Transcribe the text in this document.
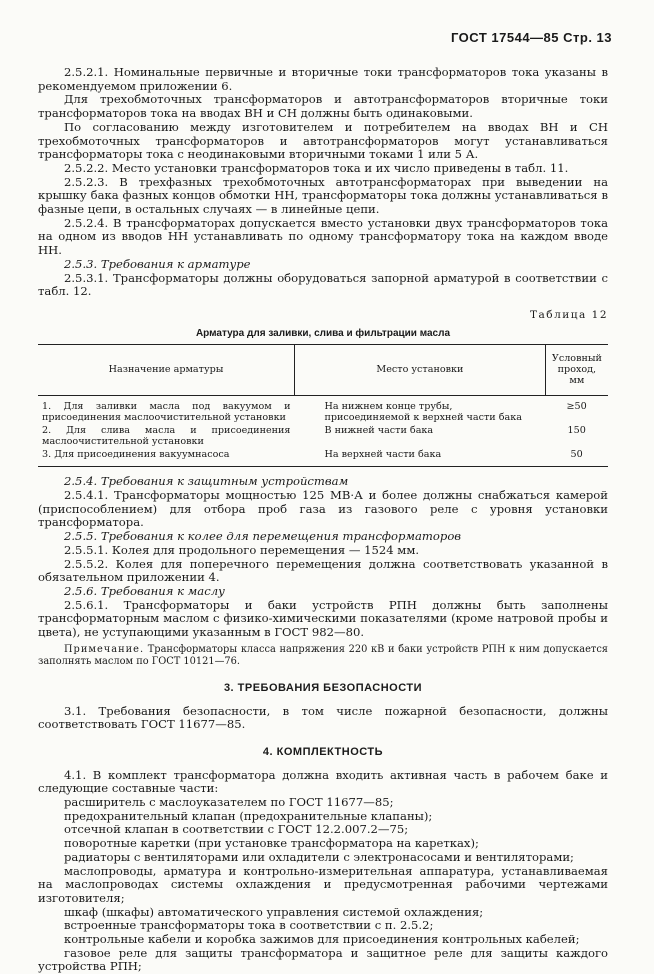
ГОСТ 17544—85 Стр. 13

2.5.2.1. Номинальные первичные и вторичные токи трансформаторов тока указаны в рекомендуемом приложении 6.

Для трехобмоточных трансформаторов и автотрансформаторов вторичные токи трансформаторов тока на вводах ВН и СН должны быть одинаковыми.

По согласованию между изготовителем и потребителем на вводах ВН и СН трехобмоточных трансформаторов и автотрансформаторов могут устанавливаться трансформаторы тока с неодинаковыми вторичными токами 1 или 5 А.

2.5.2.2. Место установки трансформаторов тока и их число приведены в табл. 11.

2.5.2.3. В трехфазных трехобмоточных автотрансформаторах при выведении на крышку бака фазных концов обмотки НН, трансформаторы тока должны устанавливаться в фазные цепи, в остальных случаях — в линейные цепи.

2.5.2.4. В трансформаторах допускается вместо установки двух трансформаторов тока на одном из вводов НН устанавливать по одному трансформатору тока на каждом вводе НН.

2.5.3. Требования к арматуре

2.5.3.1. Трансформаторы должны оборудоваться запорной арматурой в соответствии с табл. 12.

Таблица 12
Арматура для заливки, слива и фильтрации масла
Назначение арматуры	Место установки	Условный проход, мм
1. Для заливки масла под вакуумом и присоединения маслоочистительной установки	На нижнем конце трубы, присоединяемой к верхней части бака	≥50
2. Для слива масла и присоединения маслоочистительной установки	В нижней части бака	150
3. Для присоединения вакуумнасоса	На верхней части бака	50

2.5.4. Требования к защитным устройствам

2.5.4.1. Трансформаторы мощностью 125 МВ·А и более должны снабжаться камерой (приспособлением) для отбора проб газа из газового реле с уровня установки трансформатора.

2.5.5. Требования к колее для перемещения трансформаторов

2.5.5.1. Колея для продольного перемещения — 1524 мм.

2.5.5.2. Колея для поперечного перемещения должна соответствовать указанной в обязательном приложении 4.

2.5.6. Требования к маслу

2.5.6.1. Трансформаторы и баки устройств РПН должны быть заполнены трансформаторным маслом с физико-химическими показателями (кроме натровой пробы и цвета), не уступающими указанным в ГОСТ 982—80.

Примечание. Трансформаторы класса напряжения 220 кВ и баки устройств РПН к ним допускается заполнять маслом по ГОСТ 10121—76.

3. ТРЕБОВАНИЯ БЕЗОПАСНОСТИ

3.1. Требования безопасности, в том числе пожарной безопасности, должны соответствовать ГОСТ 11677—85.

4. КОМПЛЕКТНОСТЬ

4.1. В комплект трансформатора должна входить активная часть в рабочем баке и следующие составные части:

расширитель с маслоуказателем по ГОСТ 11677—85;

предохранительный клапан (предохранительные клапаны);

отсечной клапан в соответствии с ГОСТ 12.2.007.2—75;

поворотные каретки (при установке трансформатора на каретках);

радиаторы с вентиляторами или охладители с электронасосами и вентиляторами;

маслопроводы, арматура и контрольно-измерительная аппаратура, устанавливаемая на маслопроводах системы охлаждения и предусмотренная рабочими чертежами изготовителя;

шкаф (шкафы) автоматического управления системой охлаждения;

встроенные трансформаторы тока в соответствии с п. 2.5.2;

контрольные кабели и коробка зажимов для присоединения контрольных кабелей;

газовое реле для защиты трансформатора и защитное реле для защиты каждого устройства РПН;
